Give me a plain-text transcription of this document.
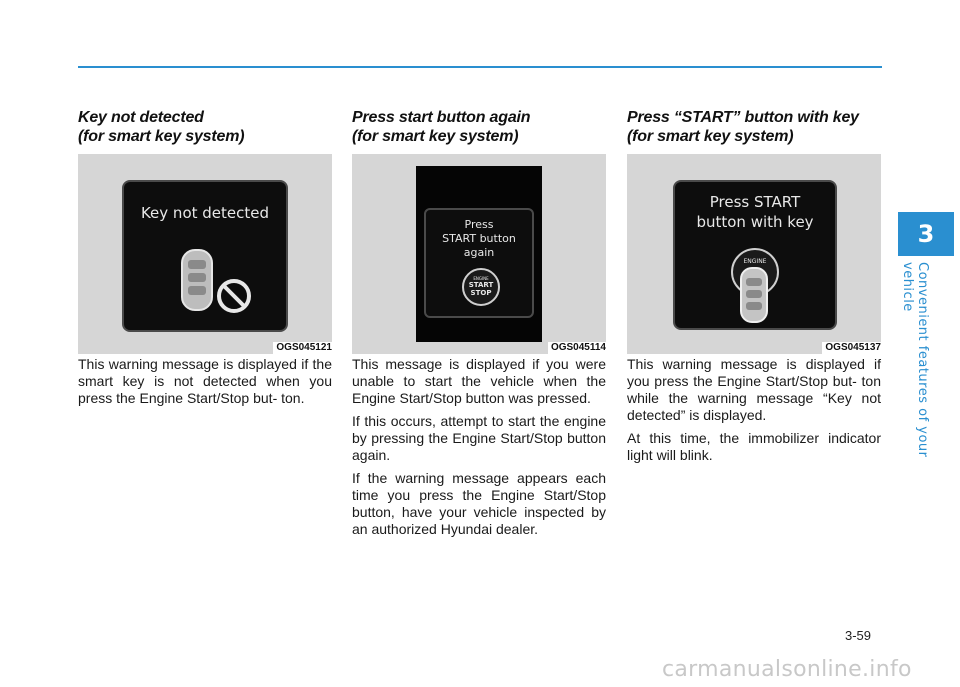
Key not detected
(for smart key system)
Key not detected
OGS045121

This warning message is displayed if the smart key is not detected when you press the Engine Start/Stop but- ton.

Press start button again
(for smart key system)
Press
START button
again
ENGINE
START
STOP
OGS045114

This message is displayed if you were unable to start the vehicle when the Engine Start/Stop button was pressed.

If this occurs, attempt to start the engine by pressing the Engine Start/Stop button again.

If the warning message appears each time you press the Engine Start/Stop button, have your vehicle inspected by an authorized Hyundai dealer.

Press “START” button with key
(for smart key system)
Press START
button with key
ENGINE
OGS045137

This warning message is displayed if you press the Engine Start/Stop but- ton while the warning message “Key not detected” is displayed.

At this time, the immobilizer indicator light will blink.

3
Convenient features of your vehicle
3-59
carmanualsonline.info
